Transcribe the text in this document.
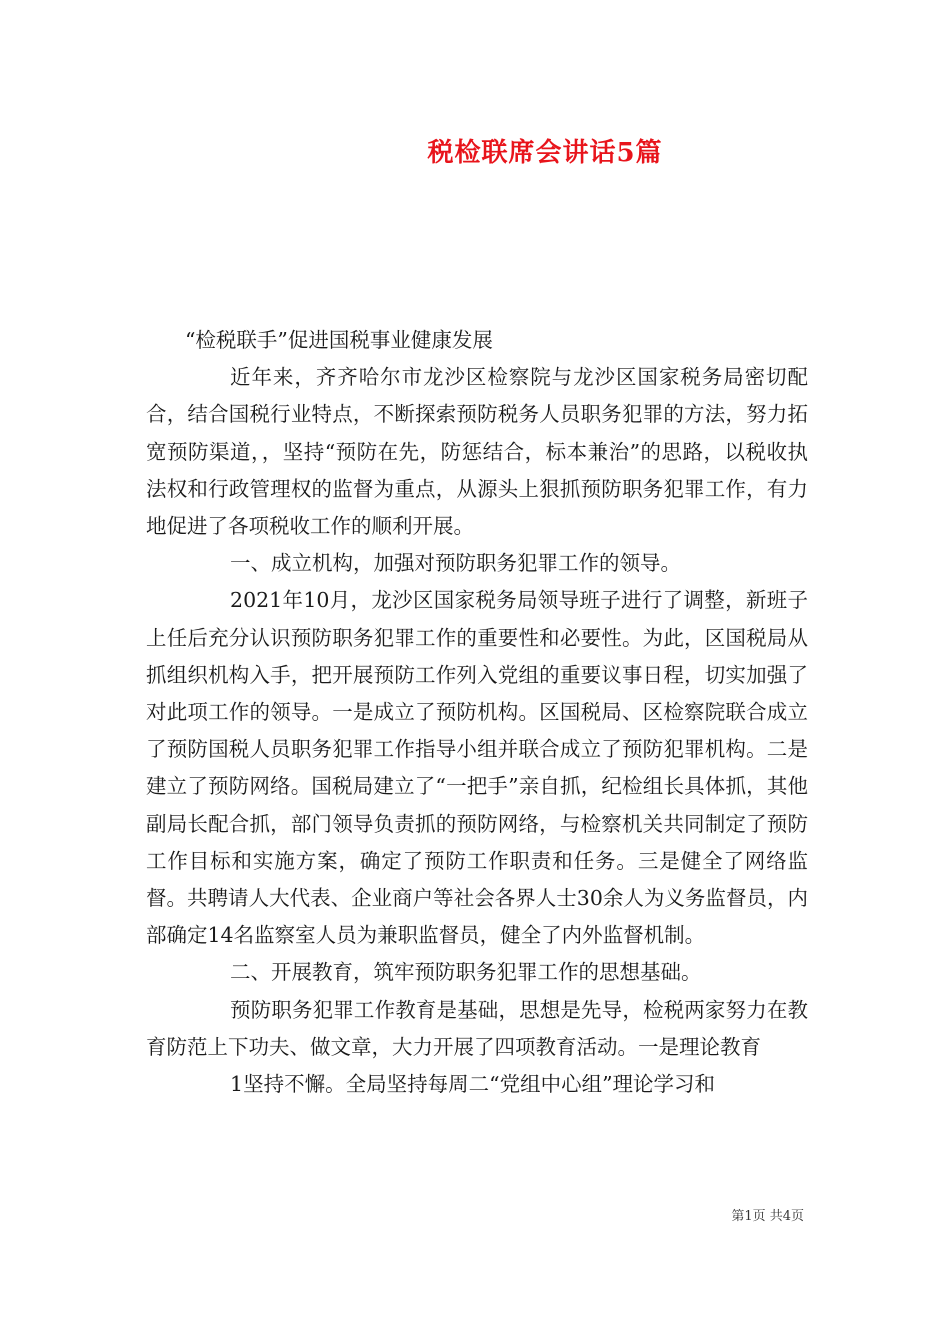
税检联席会讲话5篇

“检税联手”促进国税事业健康发展

近年来，齐齐哈尔市龙沙区检察院与龙沙区国家税务局密切配合，结合国税行业特点，不断探索预防税务人员职务犯罪的方法，努力拓宽预防渠道，，坚持“预防在先，防惩结合，标本兼治”的思路，以税收执法权和行政管理权的监督为重点，从源头上狠抓预防职务犯罪工作，有力地促进了各项税收工作的顺利开展。

一、成立机构，加强对预防职务犯罪工作的领导。

2021年10月，龙沙区国家税务局领导班子进行了调整，新班子上任后充分认识预防职务犯罪工作的重要性和必要性。为此，区国税局从抓组织机构入手，把开展预防工作列入党组的重要议事日程，切实加强了对此项工作的领导。一是成立了预防机构。区国税局、区检察院联合成立了预防国税人员职务犯罪工作指导小组并联合成立了预防犯罪机构。二是建立了预防网络。国税局建立了“一把手”亲自抓，纪检组长具体抓，其他副局长配合抓，部门领导负责抓的预防网络，与检察机关共同制定了预防工作目标和实施方案，确定了预防工作职责和任务。三是健全了网络监督。共聘请人大代表、企业商户等社会各界人士30余人为义务监督员，内部确定14名监察室人员为兼职监督员，健全了内外监督机制。

二、开展教育，筑牢预防职务犯罪工作的思想基础。

预防职务犯罪工作教育是基础，思想是先导，检税两家努力在教育防范上下功夫、做文章，大力开展了四项教育活动。一是理论教育

1坚持不懈。全局坚持每周二“党组中心组”理论学习和

第1页 共4页
